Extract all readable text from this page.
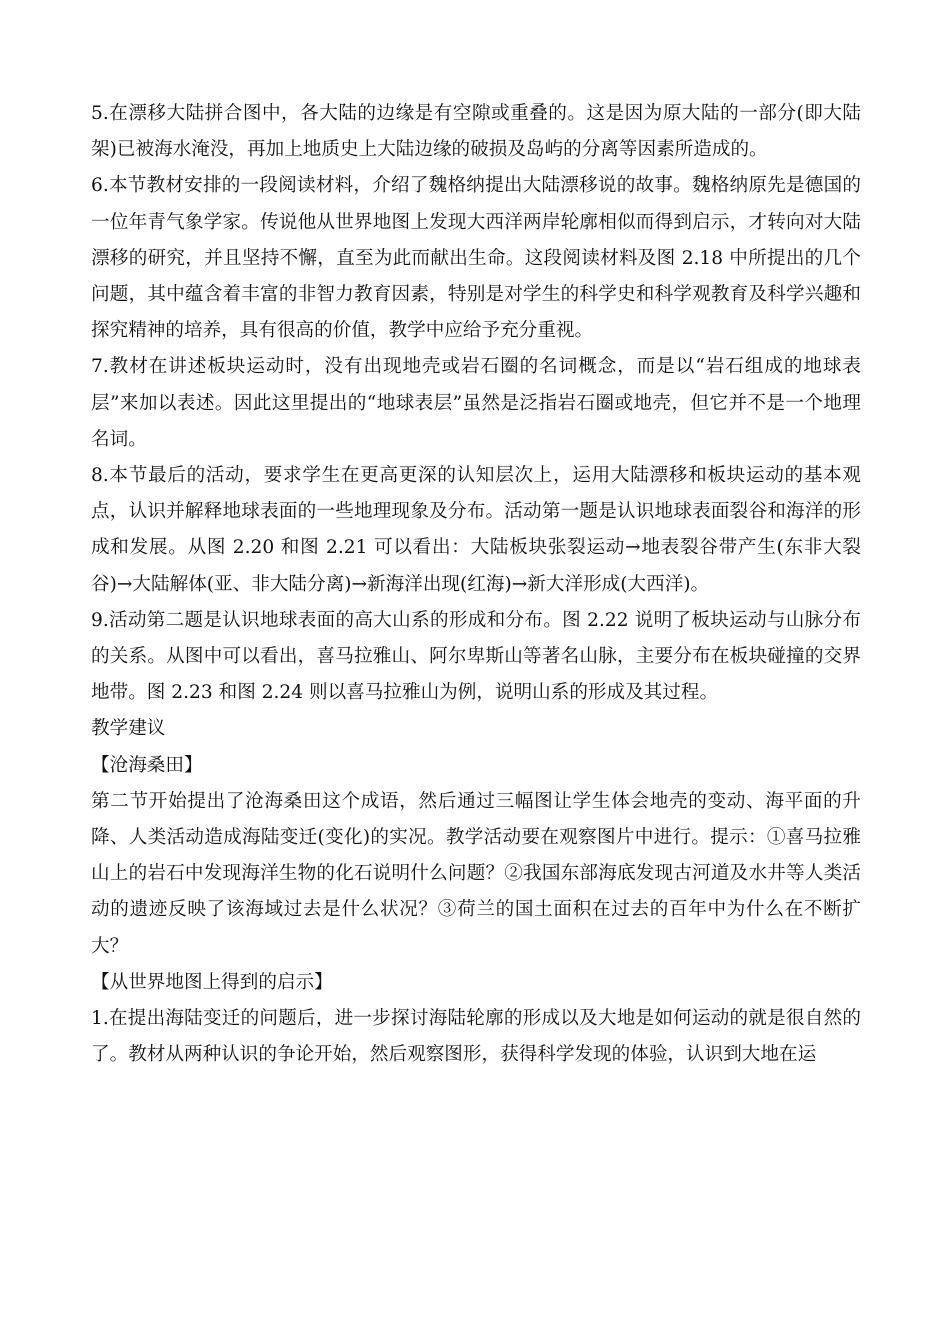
5.在漂移大陆拼合图中，各大陆的边缘是有空隙或重叠的。这是因为原大陆的一部分(即大陆架)已被海水淹没，再加上地质史上大陆边缘的破损及岛屿的分离等因素所造成的。

6.本节教材安排的一段阅读材料，介绍了魏格纳提出大陆漂移说的故事。魏格纳原先是德国的一位年青气象学家。传说他从世界地图上发现大西洋两岸轮廓相似而得到启示，才转向对大陆漂移的研究，并且坚持不懈，直至为此而献出生命。这段阅读材料及图 2.18 中所提出的几个问题，其中蕴含着丰富的非智力教育因素，特别是对学生的科学史和科学观教育及科学兴趣和探究精神的培养，具有很高的价值，教学中应给予充分重视。

7.教材在讲述板块运动时，没有出现地壳或岩石圈的名词概念，而是以“岩石组成的地球表层”来加以表述。因此这里提出的“地球表层”虽然是泛指岩石圈或地壳，但它并不是一个地理名词。

8.本节最后的活动，要求学生在更高更深的认知层次上，运用大陆漂移和板块运动的基本观点，认识并解释地球表面的一些地理现象及分布。活动第一题是认识地球表面裂谷和海洋的形成和发展。从图 2.20 和图 2.21 可以看出：大陆板块张裂运动→地表裂谷带产生(东非大裂谷)→大陆解体(亚、非大陆分离)→新海洋出现(红海)→新大洋形成(大西洋)。

9.活动第二题是认识地球表面的高大山系的形成和分布。图 2.22 说明了板块运动与山脉分布的关系。从图中可以看出，喜马拉雅山、阿尔卑斯山等著名山脉，主要分布在板块碰撞的交界地带。图 2.23 和图 2.24 则以喜马拉雅山为例，说明山系的形成及其过程。

教学建议

【沧海桑田】

第二节开始提出了沧海桑田这个成语，然后通过三幅图让学生体会地壳的变动、海平面的升降、人类活动造成海陆变迁(变化)的实况。教学活动要在观察图片中进行。提示：①喜马拉雅山上的岩石中发现海洋生物的化石说明什么问题？②我国东部海底发现古河道及水井等人类活动的遗迹反映了该海域过去是什么状况？③荷兰的国土面积在过去的百年中为什么在不断扩大？

【从世界地图上得到的启示】

1.在提出海陆变迁的问题后，进一步探讨海陆轮廓的形成以及大地是如何运动的就是很自然的了。教材从两种认识的争论开始，然后观察图形，获得科学发现的体验，认识到大地在运
